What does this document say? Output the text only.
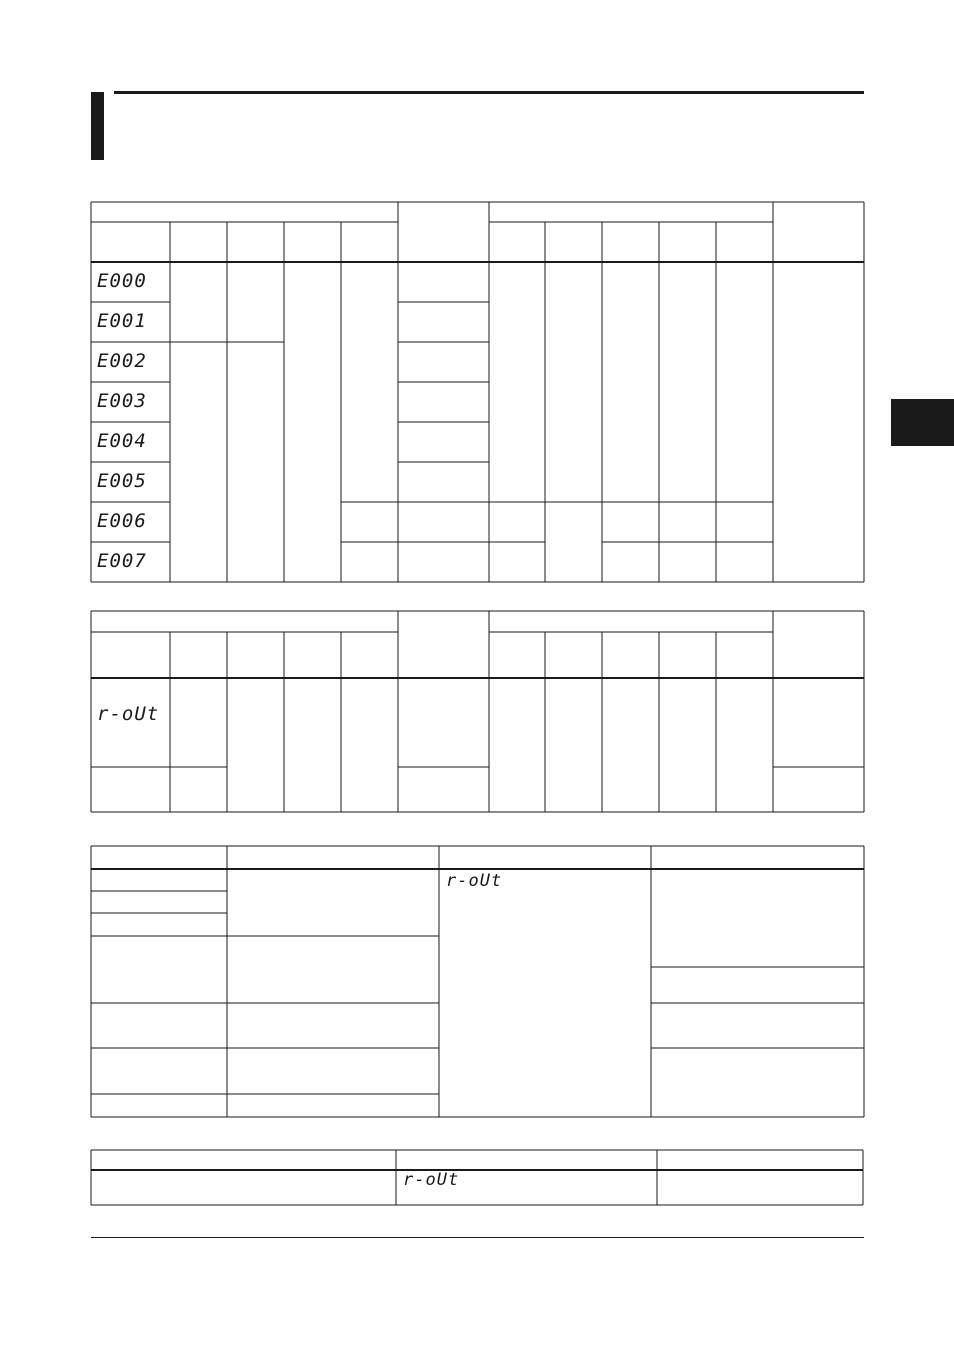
E000
E001
E002
E003
E004
E005
E006
E007
r-oUt
r-oUt
r-oUt
